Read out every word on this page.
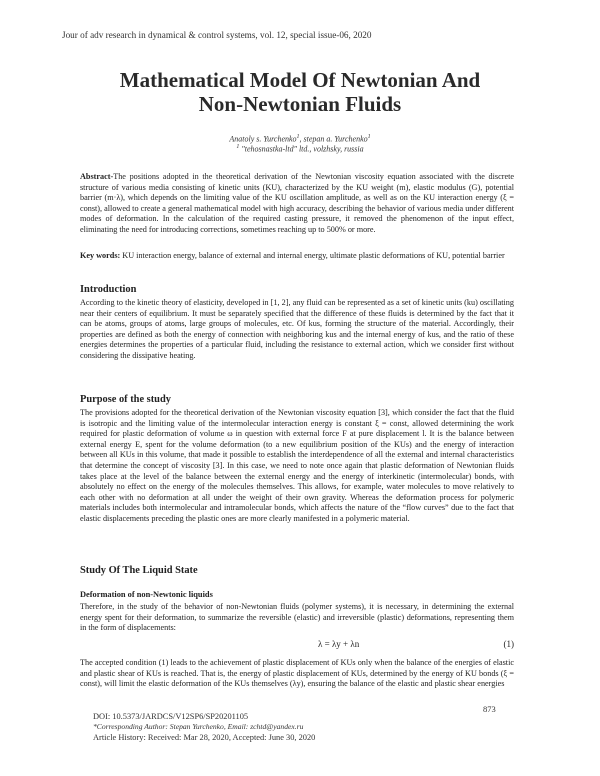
Jour of adv research in dynamical & control systems, vol. 12, special issue-06, 2020
Mathematical Model Of Newtonian And
Non-Newtonian Fluids
Anatoly s. Yurchenko$^1$, stepan a. Yurchenko$^1$
$^1$ "tehosnastka-ltd" ltd., volzhsky, russia
Abstract-The positions adopted in the theoretical derivation of the Newtonian viscosity equation associated with the discrete structure of various media consisting of kinetic units (KU), characterized by the KU weight (m), elastic modulus (G), potential barrier (m·λ), which depends on the limiting value of the KU oscillation amplitude, as well as on the KU interaction energy (ξ = const), allowed to create a general mathematical model with high accuracy, describing the behavior of various media under different modes of deformation. In the calculation of the required casting pressure, it removed the phenomenon of the input effect, eliminating the need for introducing corrections, sometimes reaching up to 500% or more.
Key words: KU interaction energy, balance of external and internal energy, ultimate plastic deformations of KU, potential barrier
Introduction
According to the kinetic theory of elasticity, developed in [1, 2], any fluid can be represented as a set of kinetic units (ku) oscillating near their centers of equilibrium. It must be separately specified that the difference of these fluids is determined by the fact that it can be atoms, groups of atoms, large groups of molecules, etc. Of kus, forming the structure of the material. Accordingly, their properties are defined as both the energy of connection with neighboring kus and the internal energy of kus, and the ratio of these energies determines the properties of a particular fluid, including the resistance to external action, which we consider first without considering the dissipative heating.
Purpose of the study
The provisions adopted for the theoretical derivation of the Newtonian viscosity equation [3], which consider the fact that the fluid is isotropic and the limiting value of the intermolecular interaction energy is constant ξ = const, allowed determining the work required for plastic deformation of volume ω in question with external force F at pure displacement l. It is the balance between external energy E, spent for the volume deformation (to a new equilibrium position of the KUs) and the energy of interaction between all KUs in this volume, that made it possible to establish the interdependence of all the external and internal characteristics that determine the concept of viscosity [3]. In this case, we need to note once again that plastic deformation of Newtonian fluids takes place at the level of the balance between the external energy and the energy of interkinetic (intermolecular) bonds, with absolutely no effect on the energy of the molecules themselves. This allows, for example, water molecules to move relatively to each other with no deformation at all under the weight of their own gravity. Whereas the deformation process for polymeric materials includes both intermolecular and intramolecular bonds, which affects the nature of the “flow curves” due to the fact that elastic displacements preceding the plastic ones are more clearly manifested in a polymeric material.
Study Of The Liquid State
Deformation of non-Newtonic liquids
Therefore, in the study of the behavior of non-Newtonian fluids (polymer systems), it is necessary, in determining the external energy spent for their deformation, to summarize the reversible (elastic) and irreversible (plastic) deformations, representing them in the form of displacements:
λ = λy + λn	(1)
The accepted condition (1) leads to the achievement of plastic displacement of KUs only when the balance of the energies of elastic and plastic shear of KUs is reached. That is, the energy of plastic displacement of KUs, determined by the energy of KU bonds (ξ = const), will limit the elastic deformation of the KUs themselves (λy), ensuring the balance of the elastic and plastic shear energies
873
DOI: 10.5373/JARDCS/V12SP6/SP20201105
*Corresponding Author: Stepan Yurchenko, Email: zchtd@yandex.ru
Article History: Received: Mar 28, 2020, Accepted: June 30, 2020
